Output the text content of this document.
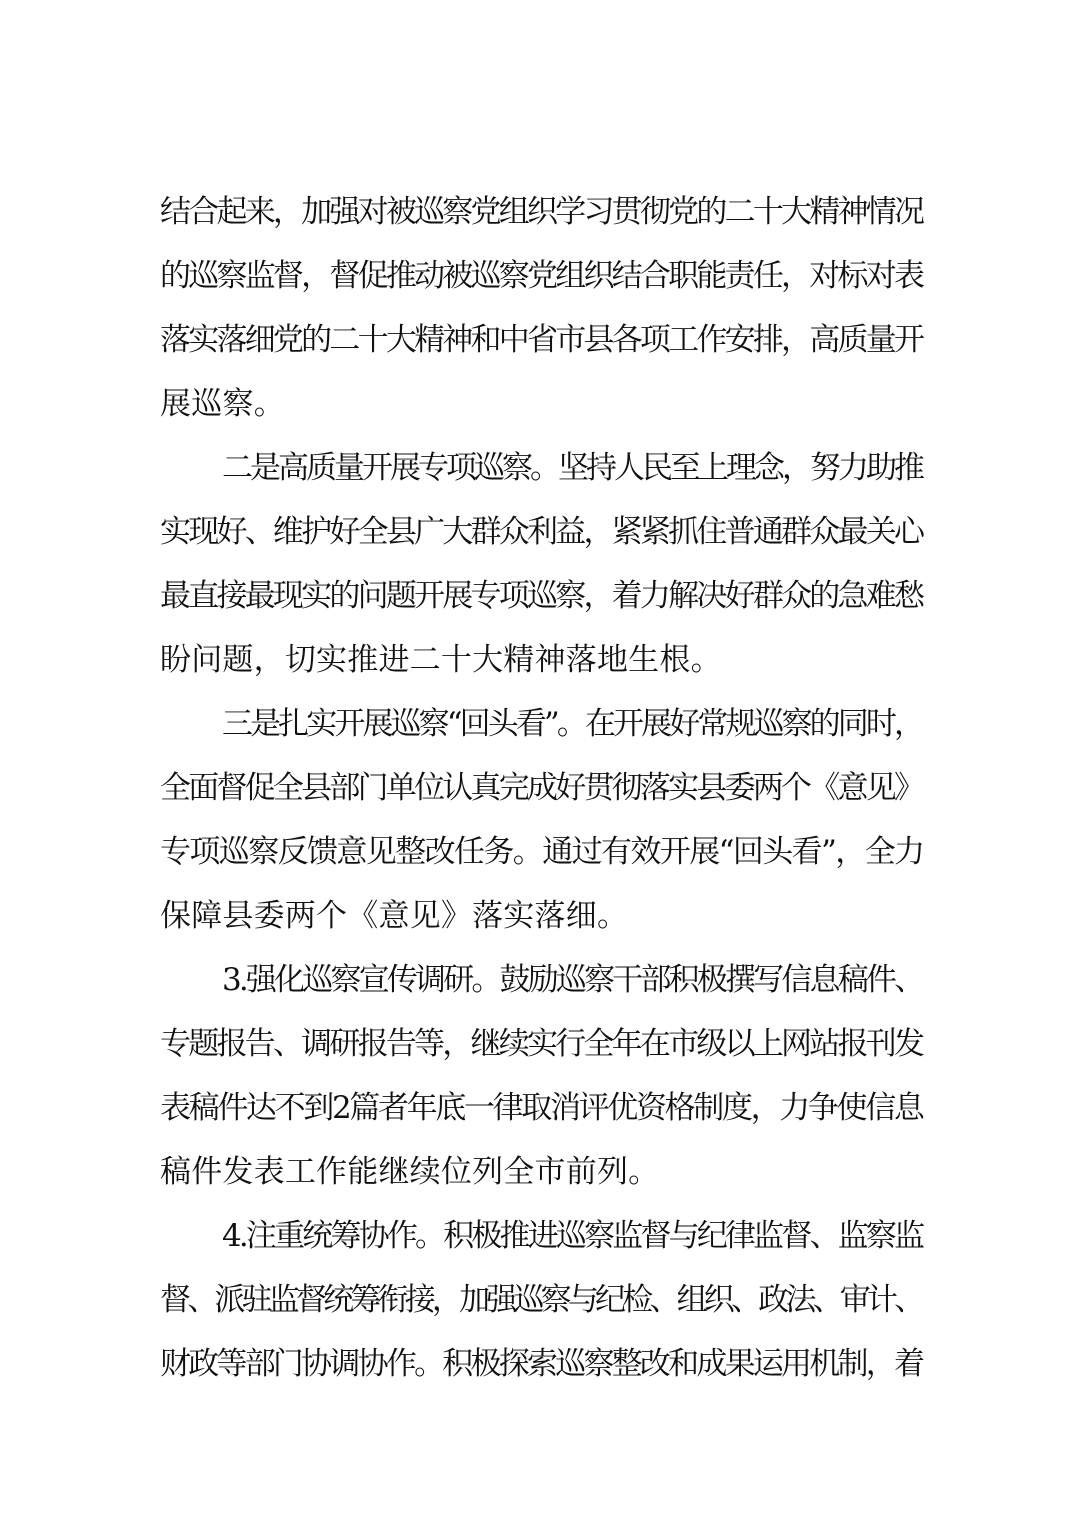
结合起来，加强对被巡察党组织学习贯彻党的二十大精神情况
的巡察监督，督促推动被巡察党组织结合职能责任，对标对表
落实落细党的二十大精神和中省市县各项工作安排，高质量开
展巡察。
二是高质量开展专项巡察。坚持人民至上理念，努力助推
实现好、维护好全县广大群众利益，紧紧抓住普通群众最关心
最直接最现实的问题开展专项巡察，着力解决好群众的急难愁
盼问题，切实推进二十大精神落地生根。
三是扎实开展巡察“回头看”。在开展好常规巡察的同时，
全面督促全县部门单位认真完成好贯彻落实县委两个《意见》
专项巡察反馈意见整改任务。通过有效开展“回头看”，全力
保障县委两个《意见》落实落细。
3.强化巡察宣传调研。鼓励巡察干部积极撰写信息稿件、
专题报告、调研报告等，继续实行全年在市级以上网站报刊发
表稿件达不到2篇者年底一律取消评优资格制度，力争使信息
稿件发表工作能继续位列全市前列。
4.注重统筹协作。积极推进巡察监督与纪律监督、监察监
督、派驻监督统筹衔接，加强巡察与纪检、组织、政法、审计、
财政等部门协调协作。积极探索巡察整改和成果运用机制，着
